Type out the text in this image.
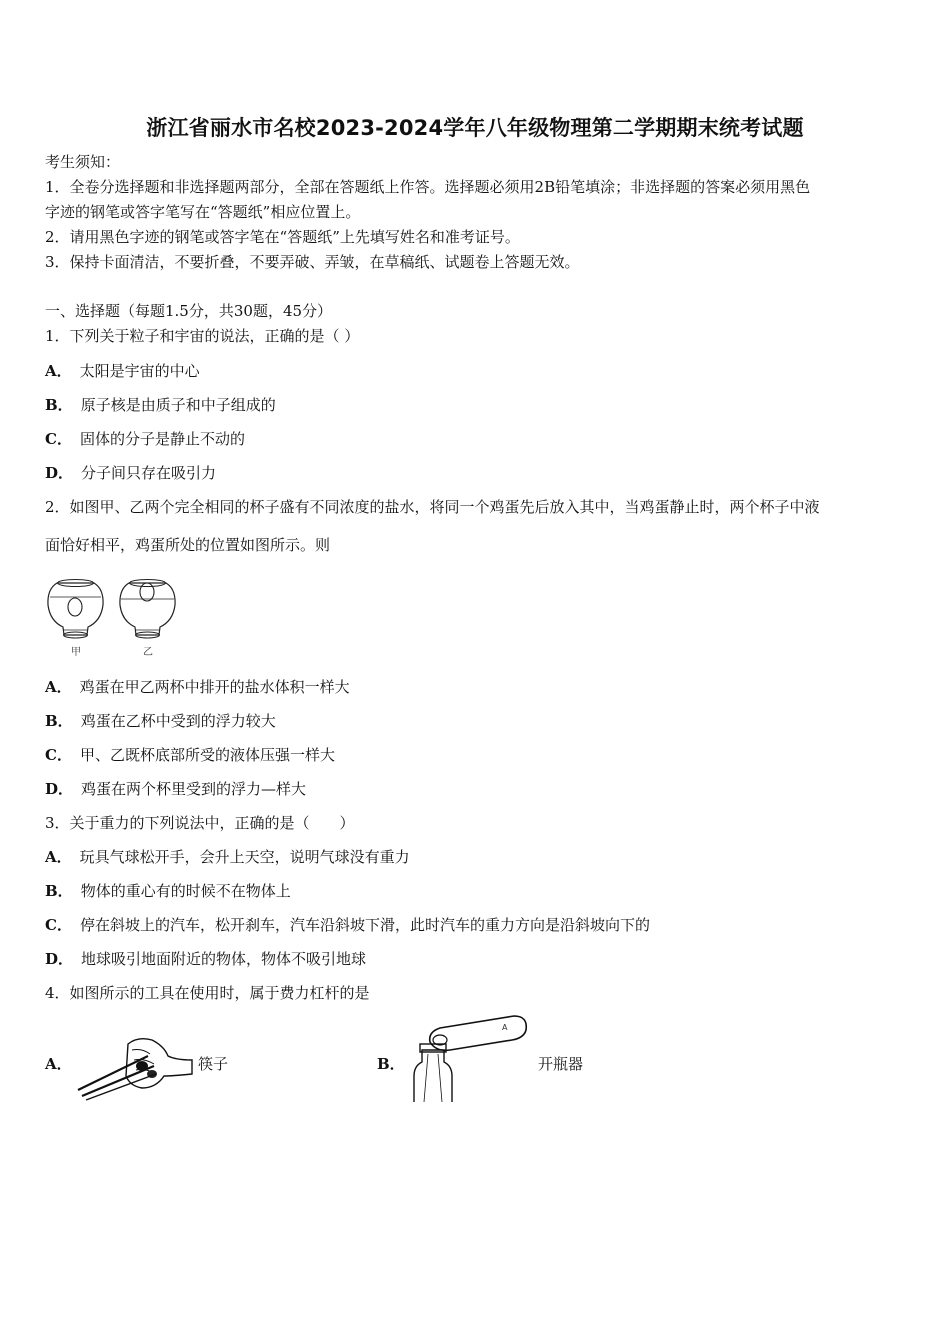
浙江省丽水市名校2023-2024学年八年级物理第二学期期末统考试题
考生须知：
1．全卷分选择题和非选择题两部分，全部在答题纸上作答。选择题必须用2B铅笔填涂；非选择题的答案必须用黑色
字迹的钢笔或答字笔写在“答题纸”相应位置上。
2．请用黑色字迹的钢笔或答字笔在“答题纸”上先填写姓名和准考证号。
3．保持卡面清洁，不要折叠，不要弄破、弄皱，在草稿纸、试题卷上答题无效。
一、选择题（每题1.5分，共30题，45分）
1．下列关于粒子和宇宙的说法，正确的是（ ）
A． 太阳是宇宙的中心
B． 原子核是由质子和中子组成的
C． 固体的分子是静止不动的
D． 分子间只存在吸引力
2．如图甲、乙两个完全相同的杯子盛有不同浓度的盐水，将同一个鸡蛋先后放入其中，当鸡蛋静止时，两个杯子中液
面恰好相平，鸡蛋所处的位置如图所示。则
甲	乙
A． 鸡蛋在甲乙两杯中排开的盐水体积一样大
B． 鸡蛋在乙杯中受到的浮力较大
C． 甲、乙既杯底部所受的液体压强一样大
D． 鸡蛋在两个杯里受到的浮力—样大
3．关于重力的下列说法中，正确的是（　　）
A． 玩具气球松开手，会升上天空，说明气球没有重力
B． 物体的重心有的时候不在物体上
C． 停在斜坡上的汽车，松开刹车，汽车沿斜坡下滑，此时汽车的重力方向是沿斜坡向下的
D． 地球吸引地面附近的物体，物体不吸引地球
4．如图所示的工具在使用时，属于费力杠杆的是
A．	筷子	B．
A
开瓶器
